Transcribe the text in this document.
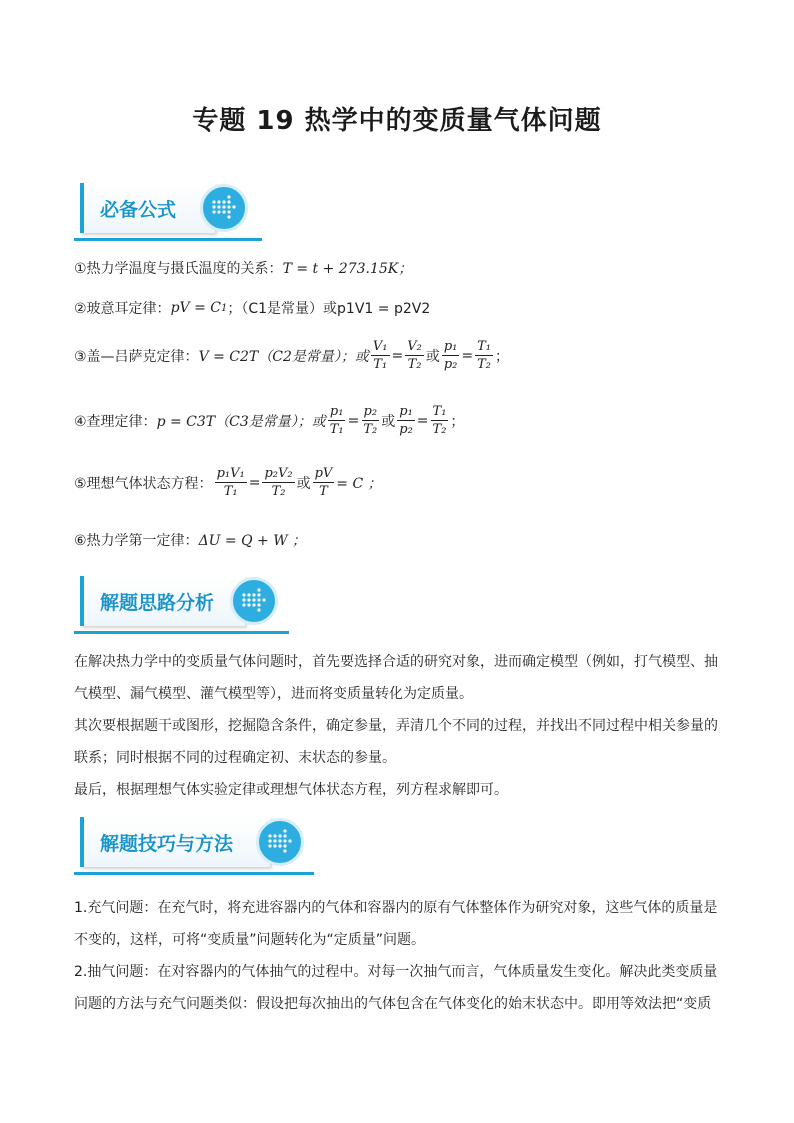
专题 19 热学中的变质量气体问题
必备公式
①热力学温度与摄氏温度的关系： T = t + 273.15K；
②玻意耳定律： pV = C 1 ；（C1是常量）或p1V1 = p2V2
③盖—吕萨克定律： V = C2T（C2是常量）；或 $\frac{\text{V₁}}{\text{T₁}} = \frac{\text{V₂}}{\text{T₂}}$ 或 $\frac{\text{p₁}}{\text{p₂}} = \frac{\text{T₁}}{\text{T₂}}$ ；
④查理定律： p = C3T（C3是常量）；或 $\frac{\text{p₁}}{\text{T₁}} = \frac{\text{p₂}}{\text{T₂}}$ 或 $\frac{\text{p₁}}{\text{p₂}} = \frac{\text{T₁}}{\text{T₂}}$ ；
⑤理想气体状态方程： $\frac{\text{p₁V₁}}{\text{T₁}} = \frac{\text{p₂V₂}}{\text{T₂}}$ 或 $\frac{pV}{T} = C$ ；
⑥热力学第一定律： ΔU = Q + W ；
解题思路分析
在解决热力学中的变质量气体问题时，首先要选择合适的研究对象，进而确定模型（例如，打气模型、抽气模型、漏气模型、灌气模型等），进而将变质量转化为定质量。
其次要根据题干或图形，挖掘隐含条件，确定参量，弄清几个不同的过程，并找出不同过程中相关参量的联系；同时根据不同的过程确定初、末状态的参量。
最后，根据理想气体实验定律或理想气体状态方程，列方程求解即可。
解题技巧与方法
1.充气问题：在充气时，将充进容器内的气体和容器内的原有气体整体作为研究对象，这些气体的质量是不变的，这样，可将“变质量”问题转化为“定质量”问题。
2.抽气问题：在对容器内的气体抽气的过程中。对每一次抽气而言，气体质量发生变化。解决此类变质量问题的方法与充气问题类似：假设把每次抽出的气体包含在气体变化的始末状态中。即用等效法把“变质
